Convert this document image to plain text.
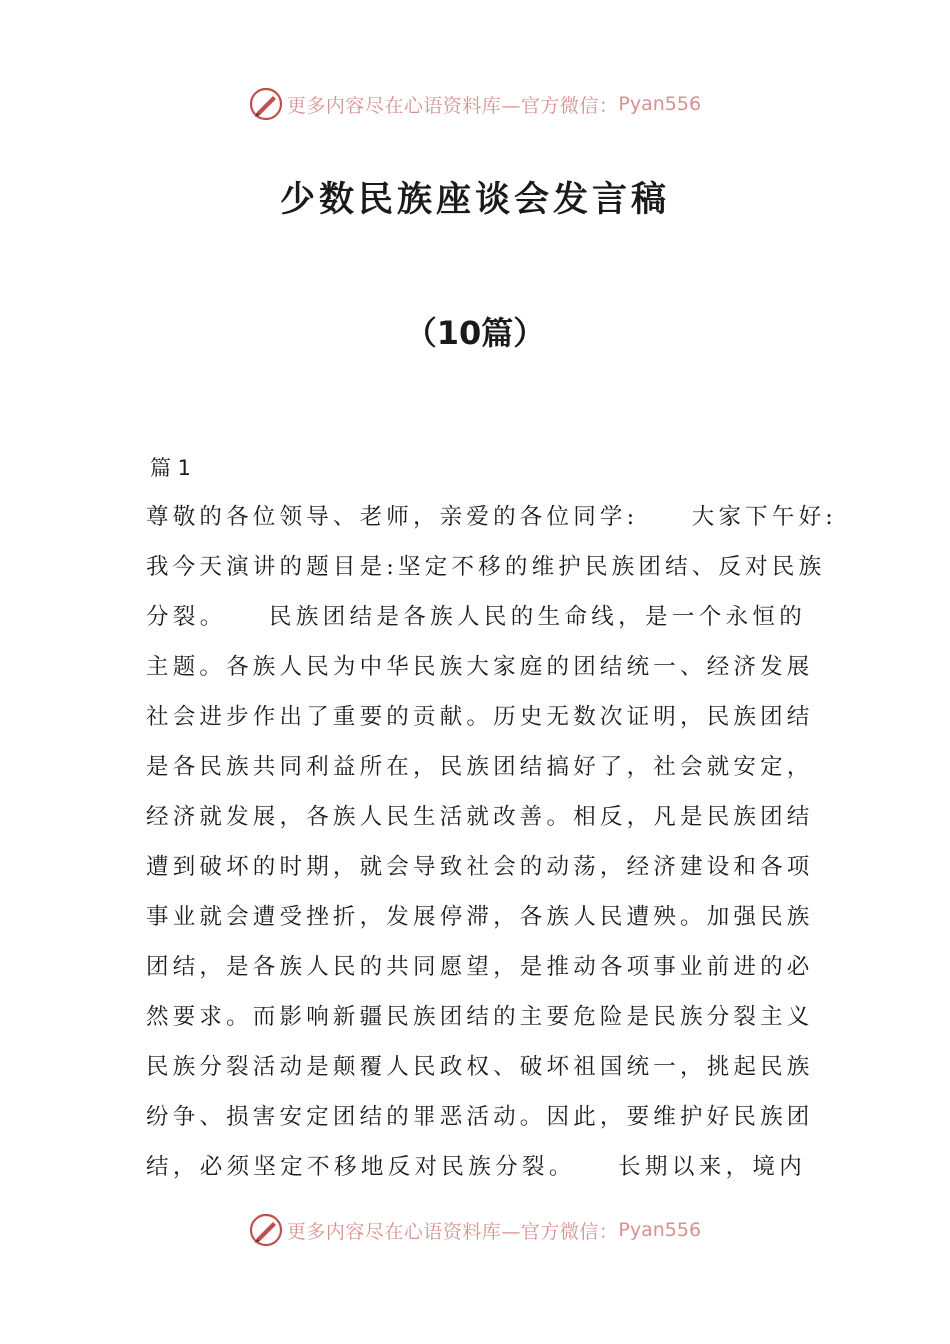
更多内容尽在心语资料库—官方微信： Pyan556
少数民族座谈会发言稿
（10篇）
篇 1
尊敬的各位领导、老师，亲爱的各位同学:　　大家下午好:
我今天演讲的题目是:坚定不移的维护民族团结、反对民族
分裂。　　民族团结是各族人民的生命线，是一个永恒的
主题。各族人民为中华民族大家庭的团结统一、经济发展
社会进步作出了重要的贡献。历史无数次证明，民族团结
是各民族共同利益所在，民族团结搞好了，社会就安定，
经济就发展，各族人民生活就改善。相反，凡是民族团结
遭到破坏的时期，就会导致社会的动荡，经济建设和各项
事业就会遭受挫折，发展停滞，各族人民遭殃。加强民族
团结，是各族人民的共同愿望，是推动各项事业前进的必
然要求。而影响新疆民族团结的主要危险是民族分裂主义
民族分裂活动是颠覆人民政权、破坏祖国统一，挑起民族
纷争、损害安定团结的罪恶活动。因此，要维护好民族团
结，必须坚定不移地反对民族分裂。　　长期以来，境内
更多内容尽在心语资料库—官方微信： Pyan556
